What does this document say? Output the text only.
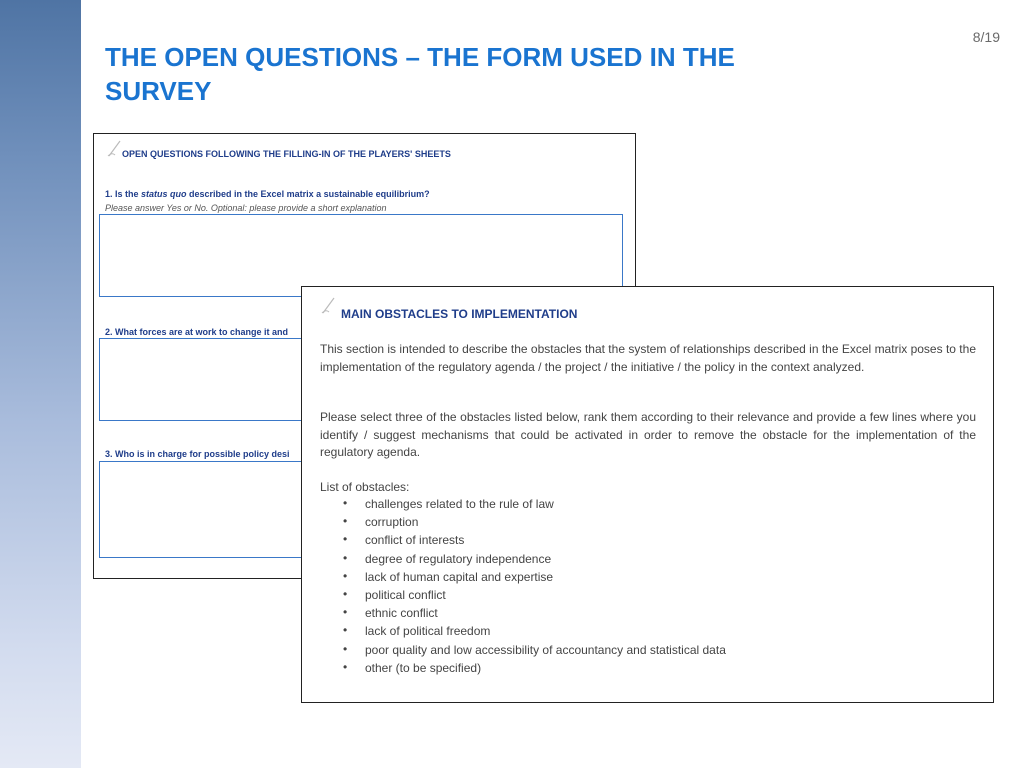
8/19
THE OPEN QUESTIONS – THE FORM USED IN THE
SURVEY
OPEN QUESTIONS FOLLOWING THE FILLING-IN OF THE PLAYERS' SHEETS
1. Is the status quo described in the Excel matrix a sustainable equilibrium?
Please answer Yes or No. Optional: please provide a short explanation
2. What forces are at work to change it and
3. Who is in charge for possible policy desi
MAIN OBSTACLES TO IMPLEMENTATION

This section is intended to describe the obstacles that the system of relationships described in the Excel matrix poses to the implementation of the regulatory agenda / the project / the initiative / the policy in the context analyzed.

Please select three of the obstacles listed below, rank them according to their relevance and provide a few lines where you identify / suggest mechanisms that could be activated in order to remove the obstacle for the implementation of the regulatory agenda.

List of obstacles:
• challenges related to the rule of law
• corruption
• conflict of interests
• degree of regulatory independence
• lack of human capital and expertise
• political conflict
• ethnic conflict
• lack of political freedom
• poor quality and low accessibility of accountancy and statistical data
• other (to be specified)
